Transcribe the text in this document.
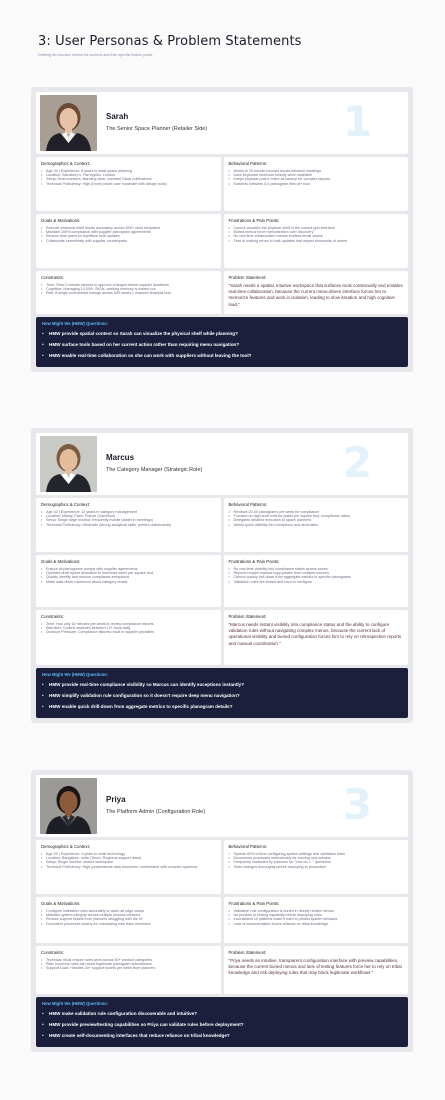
3: User Personas & Problem Statements
Defining the humans behind the screens and their specific friction points
Sarah
The Senior Space Planner (Retailer Side)	1
Demographics & Context:
• Age 34 | Experience: 8 years in retail space planning
• Location: Sainsbury's, Farringdon, London
• Setup: Dual monitors, standing desk, constant Slack notifications
• Technical Proficiency: High (Excel power user moderate with design tools)
Behavioral Patterns:
• Works in 20-minute focused bursts between meetings
• Uses keyboard shortcuts heavily when available
• Keeps physical post-it notes as backup for complex layouts
• Switches between 5-6 planogram files per hour
Goals & Motivations:
• Execute seasonal shelf resets accurately across 500+ store templates
• Maintain 100% compliance with supplier planogram agreements
• Reduce time spent on repetitive bulk updates
• Collaborate seamlessly with supplier counterparts
Frustrations & Pain Points:
• Cannot visualize the physical shelf in the current grid interface
• Buried menus force memorization over discovery
• No real-time collaboration means endless email chains
• Fear of making errors in bulk-updates that impact thousands of stores
Constraints:
• Time: Strict 3-minute window to approve changes before supplier deadlines
• Cognitive: Managing 10,000+ SKUs, working memory is maxed out
• Risk: A single unreviewed change across 500 stores = massive financial loss
Problem Statement:
"Sarah needs a spatial, intuitive workspace that surfaces tools contextually and enables real-time collaboration, because the current menu-driven interface forces her to memorize features and work in isolation, leading to slow iteration and high cognitive load."
How Might We (HMW) Questions:
• HMW provide spatial context so Sarah can visualize the physical shelf while planning?
• HMW surface tools based on her current action rather than requiring menu navigation?
• HMW enable real-time collaboration so she can work with suppliers without leaving the tool?
Marcus
The Category Manager (Strategic Role)	2
Demographics & Context:
• Age 42 | Experience: 12 years in category management
• Location: Massy, Paris, France (Carrefour)
• Setup: Single large monitor, frequently mobile (tablet in meetings)
• Technical Proficiency: Moderate (strong analytical skills, prefers dashboards)
Behavioral Patterns:
• Reviews 20-30 planograms per week for compliance
• Focuses on high-level metrics (sales per square foot, compliance rates)
• Delegates detailed execution to space planners
• Needs quick visibility into exceptions and anomalies
Goals & Motivations:
• Ensure all planograms comply with supplier agreements
• Optimize shelf space allocation to maximize sales per square foot
• Quickly identify and resolve compliance exceptions
• Make data-driven decisions about category resets
Frustrations & Pain Points:
• No real-time visibility into compliance status across stores
• Reports require manual copy-pastes from multiple sources
• Cannot quickly drill down from aggregate metrics to specific planograms
• Validation rules are buried and hard to configure
Constraints:
• Time: Has only 15 minutes per week to review compliance reports
• Attention: Context-switches between 10+ tools daily
• Decision Pressure: Compliance failures result in supplier penalties
Problem Statement:
"Marcus needs instant visibility into compliance status and the ability to configure validation rules without navigating complex menus, because the current lack of operational visibility and buried configuration forces him to rely on retrospective reports and manual coordination."
How Might We (HMW) Questions:
• HMW provide real-time compliance visibility so Marcus can identify exceptions instantly?
• HMW simplify validation rule configuration so it doesn't require deep menu navigation?
• HMW enable quick drill-down from aggregate metrics to specific planogram details?
Priya
The Platform Admin (Configuration Role)	3
Demographics & Context:
• Age 29 | Experience: 4 years in retail technology
• Location: Bangalore, India (Tesco, Regional support team)
• Setup: Single monitor, shared workspace
• Technical Proficiency: High (understands data structures, comfortable with complex systems)
Behavioral Patterns:
• Spends 60% of time configuring system settings and validation rules
• Documents processes meticulously for training new admins
• Frequently contacted by planners for "how do I..." questions
• Tests changes thoroughly before deploying to production
Goals & Motivations:
• Configure validation rules accurately to catch all edge cases
• Maintain system integrity across multiple product versions
• Reduce support tickets from planners struggling with the UI
• Document processes clearly for onboarding new team members
Frustrations & Pain Points:
• Validation rule configuration is buried in deeply nested menus
• No preview or testing capability before deploying rules
• Inconsistent UI patterns make it hard to predict system behavior
• Lack of documentation forces reliance on tribal knowledge
Constraints:
• Technical: Must ensure rules work across 50+ product categories
• Risk: Incorrect rules can block legitimate planogram submissions
• Support Load: Handles 30+ support tickets per week from planners
Problem Statement:
"Priya needs an intuitive, transparent configuration interface with preview capabilities, because the current buried menus and lack of testing features force her to rely on tribal knowledge and risk deploying rules that may block legitimate workflows."
How Might We (HMW) Questions:
• HMW make validation rule configuration discoverable and intuitive?
• HMW provide preview/testing capabilities so Priya can validate rules before deployment?
• HMW create self-documenting interfaces that reduce reliance on tribal knowledge?
